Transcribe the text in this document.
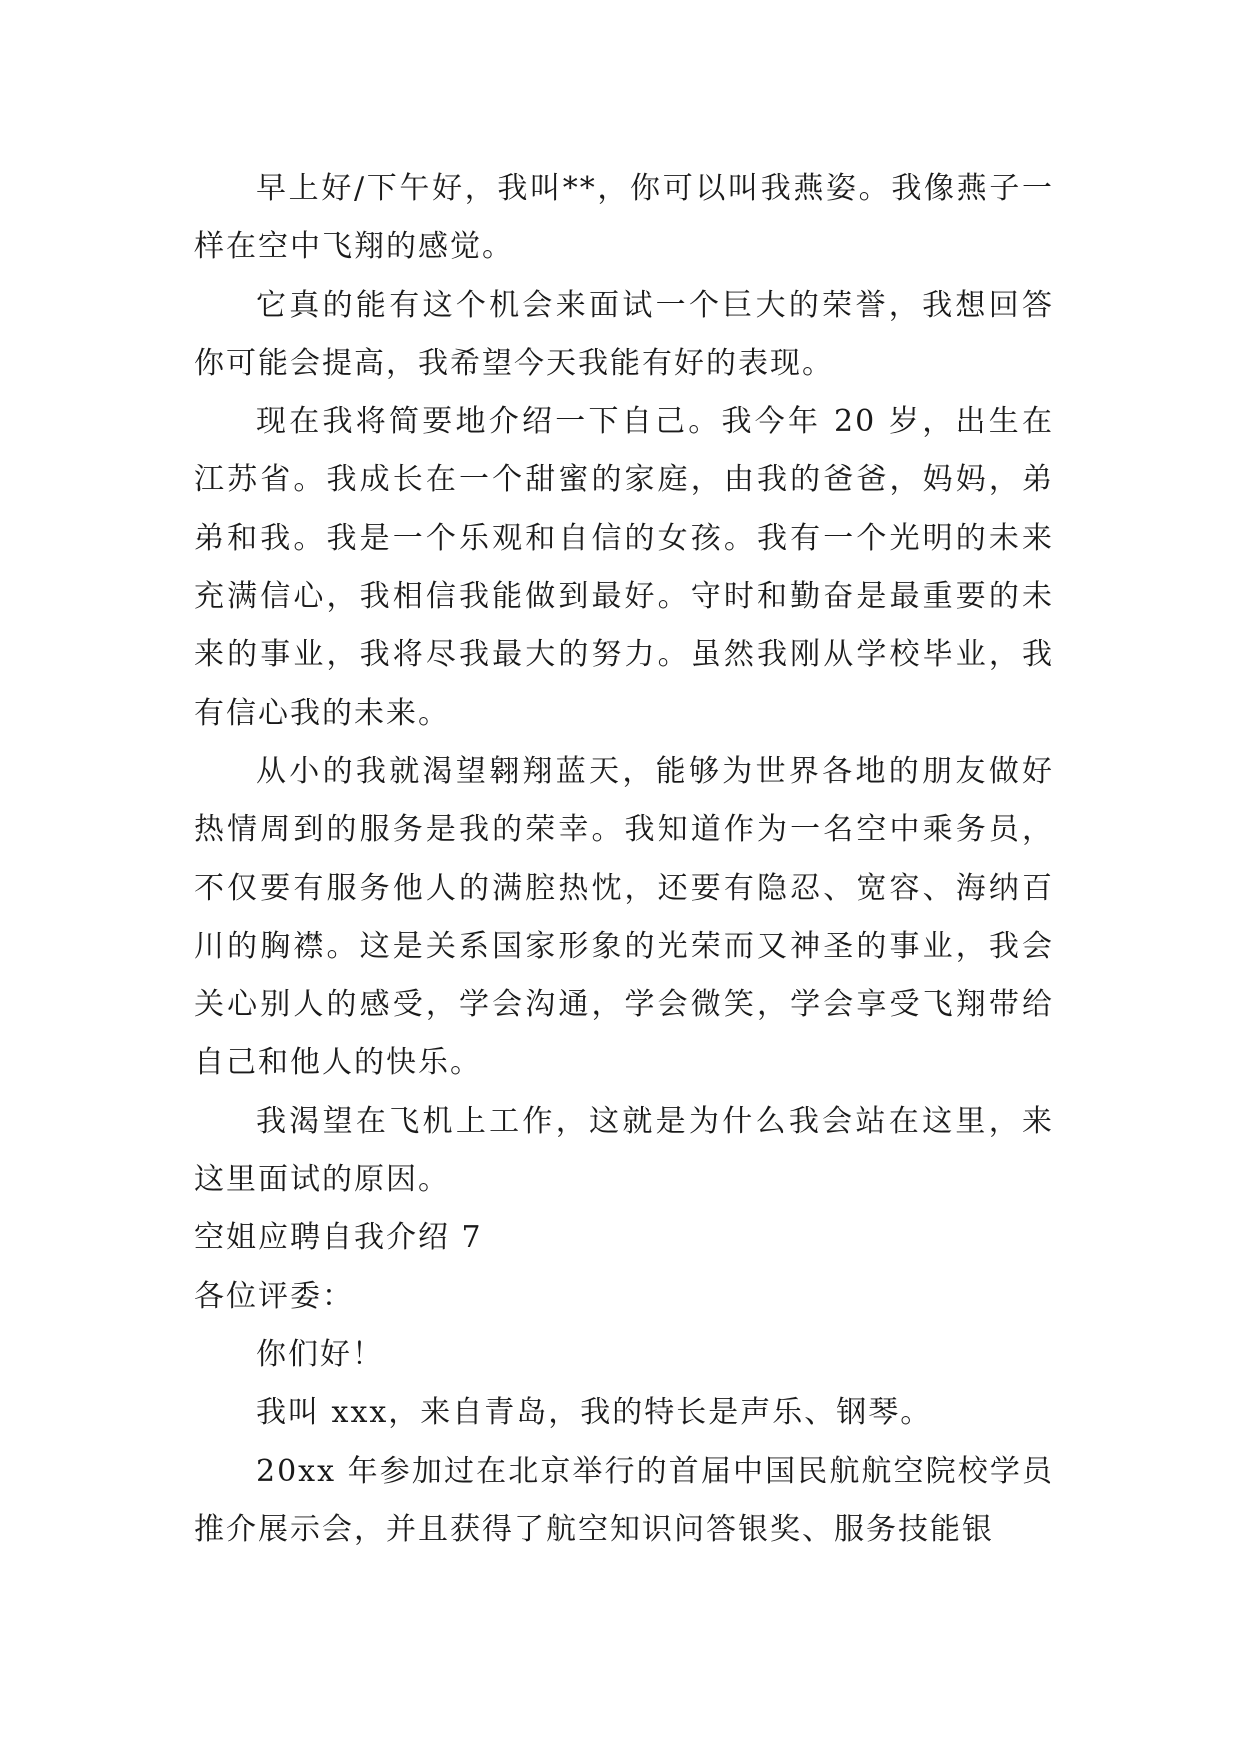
早上好/下午好，我叫**，你可以叫我燕姿。我像燕子一样在空中飞翔的感觉。

它真的能有这个机会来面试一个巨大的荣誉，我想回答你可能会提高，我希望今天我能有好的表现。

现在我将简要地介绍一下自己。我今年 20 岁，出生在江苏省。我成长在一个甜蜜的家庭，由我的爸爸，妈妈，弟弟和我。我是一个乐观和自信的女孩。我有一个光明的未来充满信心，我相信我能做到最好。守时和勤奋是最重要的未来的事业，我将尽我最大的努力。虽然我刚从学校毕业，我有信心我的未来。

从小的我就渴望翱翔蓝天，能够为世界各地的朋友做好热情周到的服务是我的荣幸。我知道作为一名空中乘务员，不仅要有服务他人的满腔热忱，还要有隐忍、宽容、海纳百川的胸襟。这是关系国家形象的光荣而又神圣的事业，我会关心别人的感受，学会沟通，学会微笑，学会享受飞翔带给自己和他人的快乐。

我渴望在飞机上工作，这就是为什么我会站在这里，来这里面试的原因。

空姐应聘自我介绍 7

各位评委：

你们好！

我叫 xxx，来自青岛，我的特长是声乐、钢琴。

20xx 年参加过在北京举行的首届中国民航航空院校学员推介展示会，并且获得了航空知识问答银奖、服务技能银
